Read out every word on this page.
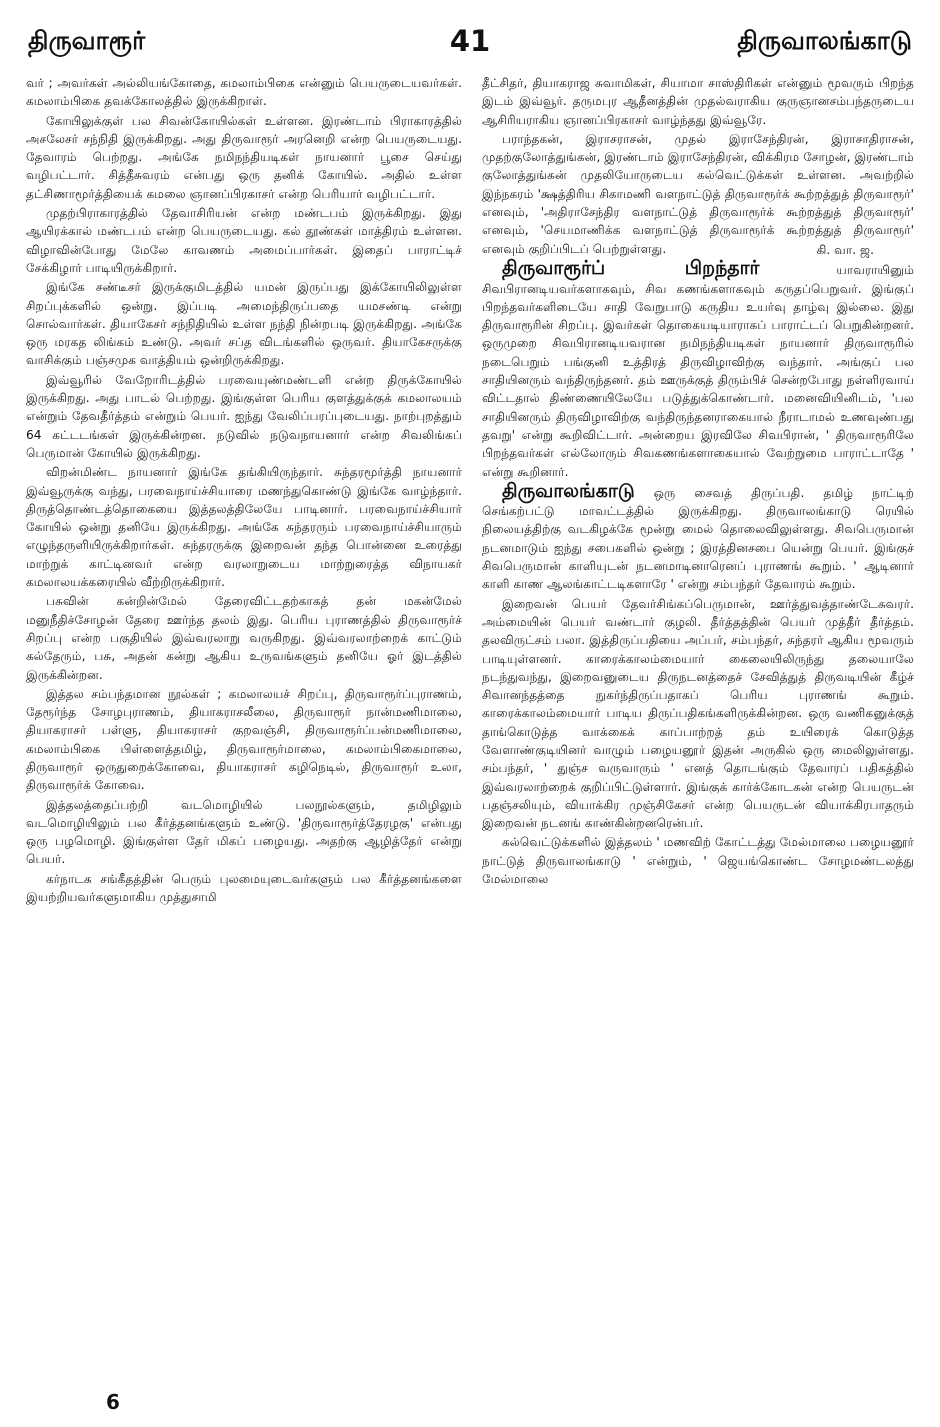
திருவாரூர்	41	திருவாலங்காடு

வர் ; அவர்கள் அல்லியங்கோதை, கமலாம்பிகை என்னும் பெயருடையவர்கள். கமலாம்பிகை தவக்கோலத்தில் இருக்கிறாள்.

கோயிலுக்குள் பல சிவன்கோயில்கள் உள்ளன. இரண்டாம் பிராகாரத்தில் அசலேசர் சந்நிதி இருக்கிறது. அது திருவாரூர் அரனெறி என்ற பெயருடையது. தேவாரம் பெற்றது. அங்கே நமிநந்தியடிகள் நாயனார் பூசை செய்து வழிபட்டார். சித்தீசுவரம் என்பது ஒரு தனிக் கோயில். அதில் உள்ள தட்சிணாமூர்த்தியைக் கமலை ஞானப்பிரகாசர் என்ற பெரியார் வழிபட்டார்.

முதற்பிராகாரத்தில் தேவாசிரியன் என்ற மண்டபம் இருக்கிறது. இது ஆயிரக்கால் மண்டபம் என்ற பெயருடையது. கல் தூண்கள் மாத்திரம் உள்ளன. விழாவின்போது மேலே காவணம் அமைப்பார்கள். இதைப் பாராட்டிச் சேக்கிழார் பாடியிருக்கிறார்.

இங்கே சண்டீசர் இருக்குமிடத்தில் யமன் இருப்பது இக்கோயிலிலுள்ள சிறப்புக்களில் ஒன்று. இப்படி அமைந்திருப்பதை யமசண்டி என்று சொல்வார்கள். தியாகேசர் சந்நிதியில் உள்ள நந்தி நின்றபடி இருக்கிறது. அங்கே ஒரு மரகத லிங்கம் உண்டு. அவர் சப்த விடங்களில் ஒருவர். தியாகேசருக்கு வாசிக்கும் பஞ்சமுக வாத்தியம் ஒன்றிருக்கிறது.

இவ்வூரில் வேறோரிடத்தில் பரவையுண்மண்டளி என்ற திருக்கோயில் இருக்கிறது. அது பாடல் பெற்றது. இங்குள்ள பெரிய குளத்துக்குக் கமலாலயம் என்றும் தேவதீர்த்தம் என்றும் பெயர். ஐந்து வேலிப்பரப்புடையது. நாற்புறத்தும் 64 கட்டடங்கள் இருக்கின்றன. நடுவில் நடுவநாயனார் என்ற சிவலிங்கப் பெருமான் கோயில் இருக்கிறது.

விறன்மிண்ட நாயனார் இங்கே தங்கியிருந்தார். சுந்தரமூர்த்தி நாயனார் இவ்வூருக்கு வந்து, பரவைநாய்ச்சியாரை மணந்துகொண்டு இங்கே வாழ்ந்தார். திருத்தொண்டத்தொகையை இத்தலத்திலேயே பாடினார். பரவைநாய்ச்சியார் கோயில் ஒன்று தனியே இருக்கிறது. அங்கே சுந்தரரும் பரவைநாய்ச்சியாரும் எழுந்தருளியிருக்கிறார்கள். சுந்தரருக்கு இறைவன் தந்த பொன்னை உரைத்து மாற்றுக் காட்டினவர் என்ற வரலாறுடைய மாற்றுரைத்த விநாயகர் கமலாலயக்கரையில் வீற்றிருக்கிறார்.

பசுவின் கன்றின்மேல் தேரைவிட்டதற்காகத் தன் மகன்மேல் மனுநீதிச்சோழன் தேரை ஊர்ந்த தலம் இது. பெரிய புராணத்தில் திருவாரூர்ச் சிறப்பு என்ற பகுதியில் இவ்வரலாறு வருகிறது. இவ்வரலாற்றைக் காட்டும் கல்தேரும், பசு, அதன் கன்று ஆகிய உருவங்களும் தனியே ஓர் இடத்தில் இருக்கின்றன.

இத்தல சம்பந்தமான நூல்கள் ; கமலாலயச் சிறப்பு, திருவாரூர்ப்புராணம், தேரூர்ந்த சோழபுராணம், தியாகராசலீலை, திருவாரூர் நான்மணிமாலை, தியாகராசர் பள்ளு, தியாகராசர் குறவஞ்சி, திருவாரூர்ப்பன்மணிமாலை, கமலாம்பிகை பிள்ளைத்தமிழ், திருவாரூர்மாலை, கமலாம்பிகைமாலை, திருவாரூர் ஒருதுறைக்கோவை, தியாகராசர் கழிநெடில், திருவாரூர் உலா, திருவாரூர்க் கோவை.

இத்தலத்தைப்பற்றி வடமொழியில் பலநூல்களும், தமிழிலும் வடமொழியிலும் பல கீர்த்தனங்களும் உண்டு. 'திருவாரூர்த்தேரழகு' என்பது ஒரு பழமொழி. இங்குள்ள தேர் மிகப் பழையது. அதற்கு ஆழித்தேர் என்று பெயர்.

கர்நாடக சங்கீதத்தின் பெரும் புலமையுடைவர்களும் பல கீர்த்தனங்களை இயற்றியவர்களுமாகிய முத்துசாமி

தீட்சிதர், தியாகராஜ சுவாமிகள், சியாமா சாஸ்திரிகள் என்னும் மூவரும் பிறந்த இடம் இவ்வூர். தருமபுர ஆதீனத்தின் முதல்வராகிய குருஞானசம்பந்தருடைய ஆசிரியராகிய ஞானப்பிரகாசர் வாழ்ந்தது இவ்வூரே.

பராந்தகன், இராசராசன், முதல் இராசேந்திரன், இராசாதிராசன், முதற்குலோத்துங்கன், இரண்டாம் இராசேந்திரன், விக்கிரம சோழன், இரண்டாம் குலோத்துங்கன் முதலியோருடைய கல்வெட்டுக்கள் உள்ளன. அவற்றில் இந்நகரம் 'க்ஷத்திரிய சிகாமணி வளநாட்டுத் திருவாரூர்க் கூற்றத்துத் திருவாரூர்' எனவும், 'அதிராசேந்திர வளநாட்டுத் திருவாரூர்க் கூற்றத்துத் திருவாரூர்' எனவும், 'செயமாணிக்க வளநாட்டுத் திருவாரூர்க் கூற்றத்துத் திருவாரூர்' எனவும் குறிப்பிடப் பெற்றுள்ளது.	கி. வா. ஜ.

திருவாரூர்ப் பிறந்தார்	யாவராயினும் சிவபிரானடியவர்களாகவும், சிவ கணங்களாகவும் கருதப்பெறுவர். இங்குப் பிறந்தவர்களிடையே சாதி வேறுபாடு கருதிய உயர்வு தாழ்வு இல்லை. இது திருவாரூரின் சிறப்பு. இவர்கள் தொகையடியாராகப் பாராட்டப் பெறுகின்றனர். ஒருமுறை சிவபிரானடியவரான நமிநந்தியடிகள் நாயனார் திருவாரூரில் நடைபெறும் பங்குனி உத்திரத் திருவிழாவிற்கு வந்தார். அங்குப் பல சாதியினரும் வந்திருந்தனர். தம் ஊருக்குத் திரும்பிச் சென்றபோது நள்ளிரவாய் விட்டதால் திண்ணையிலேயே படுத்துக்கொண்டார். மனைவியினிடம், 'பல சாதியினரும் திருவிழாவிற்கு வந்திருந்தனராகையால் நீராடாமல் உணவுண்பது தவறு' என்று கூறிவிட்டார். அன்றைய இரவிலே சிவபிரான், ' திருவாரூரிலே பிறந்தவர்கள் எல்லோரும் சிவகணங்களாகையால் வேற்றுமை பாராட்டாதே ' என்று கூறினார்.

திருவாலங்காடு ஒரு சைவத் திருப்பதி. தமிழ் நாட்டிற் செங்கற்பட்டு மாவட்டத்தில் இருக்கிறது. திருவாலங்காடு ரெயில் நிலையத்திற்கு வடகிழக்கே மூன்று மைல் தொலைவிலுள்ளது. சிவபெருமான் நடனமாடும் ஐந்து சபைகளில் ஒன்று ; இரத்தினசபை யென்று பெயர். இங்குச் சிவபெருமான் காளியுடன் நடனமாடினாரெனப் புராணங் கூறும். ' ஆடினார் காளி காண ஆலங்காட்டடிகளாரே ' என்று சம்பந்தர் தேவாரம் கூறும்.

இறைவன் பெயர் தேவர்சிங்கப்பெருமான், ஊர்த்துவத்தாண்டேசுவரர். அம்மையின் பெயர் வண்டார் குழலி. தீர்த்தத்தின் பெயர் முத்தீர் தீர்த்தம். தலவிருட்சம் பலா. இத்திருப்பதியை அப்பர், சம்பந்தர், சுந்தரர் ஆகிய மூவரும் பாடியுள்ளனர். காரைக்காலம்மையார் கைலையிலிருந்து தலையாலே நடந்துவந்து, இறைவனுடைய திருநடனத்தைச் சேவித்துத் திருவடியின் கீழ்ச் சிவானந்தத்தை நுகர்ந்திருப்பதாகப் பெரிய புராணங் கூறும். காரைக்காலம்மையார் பாடிய திருப்பதிகங்களிருக்கின்றன. ஒரு வணிகனுக்குத் தாங்கொடுத்த வாக்கைக் காப்பாற்றத் தம் உயிரைக் கொடுத்த வேளாண்குடியினர் வாழும் பழையனூர் இதன் அருகில் ஒரு மைலிலுள்ளது. சம்பந்தர், ' துஞ்ச வருவாரும் ' எனத் தொடங்கும் தேவாரப் பதிகத்தில் இவ்வரலாற்றைக் குறிப்பிட்டுள்ளார். இங்குக் கார்க்கோடகன் என்ற பெயருடன் பதஞ்சலியும், வியாக்கிர முஞ்சிகேசர் என்ற பெயருடன் வியாக்கிரபாதரும் இறைவன் நடனங் காண்கின்றனரென்பர்.

கல்வெட்டுக்களில் இத்தலம் ' மணவிற் கோட்டத்து மேல்மாலை பழையனூர் நாட்டுத் திருவாலங்காடு ' என்றும், ' ஜெயங்கொண்ட சோழமண்டலத்து மேல்மாலை

6
